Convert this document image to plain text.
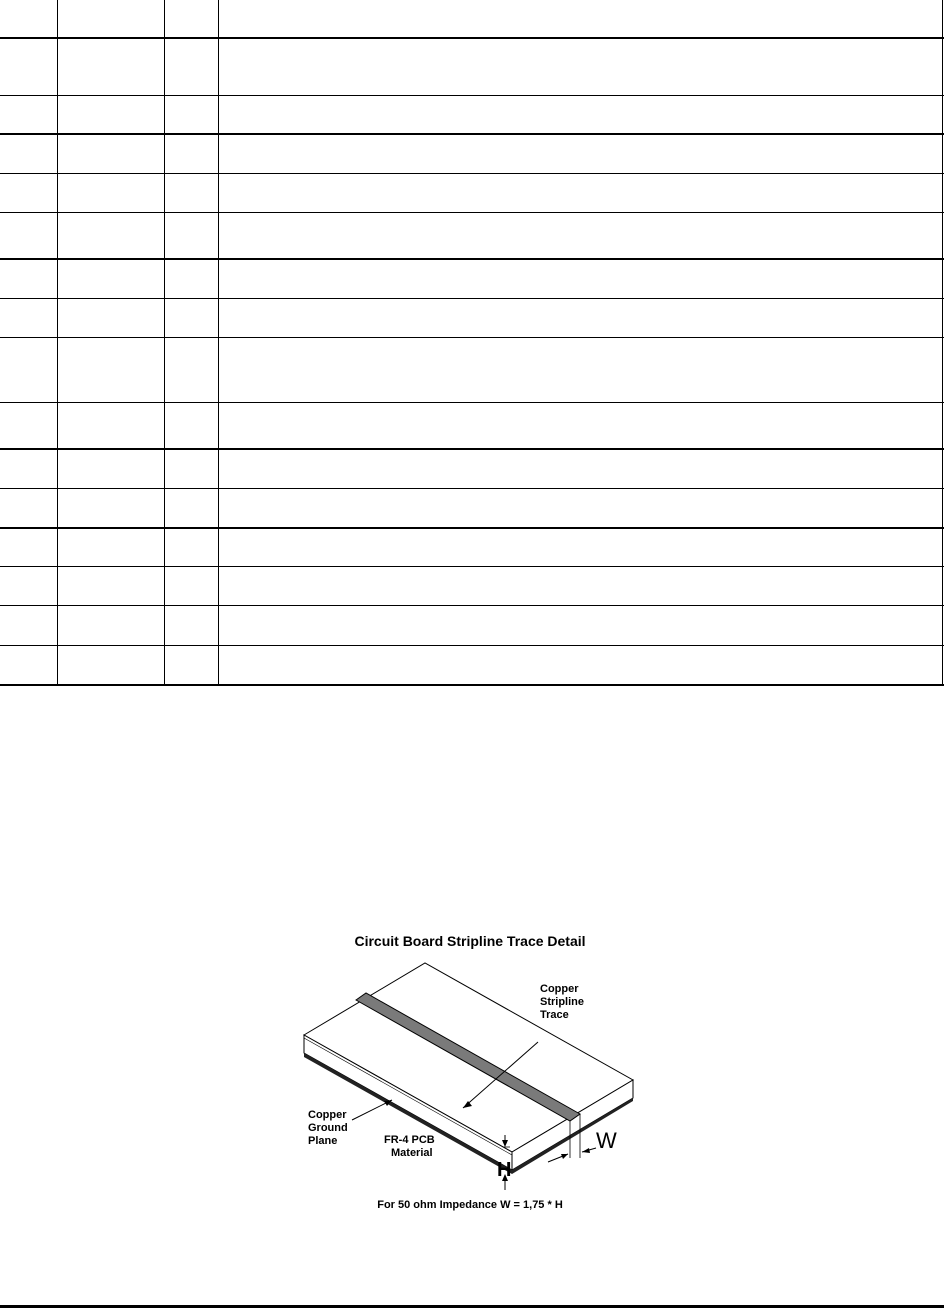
Circuit Board Stripline Trace Detail
Copper
Stripline
Trace
Copper
Ground
Plane	FR-4 PCB
Material	W
H
For 50 ohm Impedance W = 1,75 * H
